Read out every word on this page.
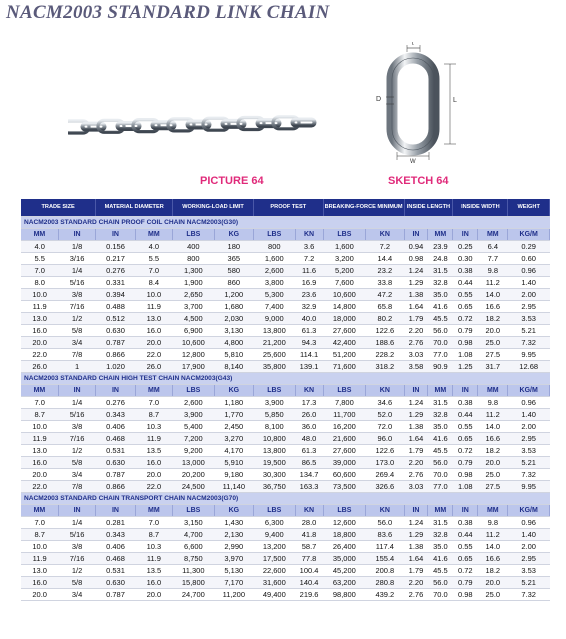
NACM2003 STANDARD LINK CHAIN
t
D	L
W
PICTURE 64	SKETCH 64
TRADE SIZE		MATERIAL DIAMETER		WORKING-LOAD LIMIT		PROOF TEST		BREAKING-FORCE MINIMUM		INSIDE LENGTH		INSIDE WIDTH		WEIGHT
NACM2003 STANDARD CHAIN PROOF COIL CHAIN NACM2003(G30)														
MM	IN	IN	MM	LBS	KG	LBS	KN	LBS	KN	IN	MM	IN	MM	KG/M
4.0	1/8	0.156	4.0	400	180	800	3.6	1,600	7.2	0.94	23.9	0.25	6.4	0.29
5.5	3/16	0.217	5.5	800	365	1,600	7.2	3,200	14.4	0.98	24.8	0.30	7.7	0.60
7.0	1/4	0.276	7.0	1,300	580	2,600	11.6	5,200	23.2	1.24	31.5	0.38	9.8	0.96
8.0	5/16	0.331	8.4	1,900	860	3,800	16.9	7,600	33.8	1.29	32.8	0.44	11.2	1.40
10.0	3/8	0.394	10.0	2,650	1,200	5,300	23.6	10,600	47.2	1.38	35.0	0.55	14.0	2.00
11.9	7/16	0.488	11.9	3,700	1,680	7,400	32.9	14,800	65.8	1.64	41.6	0.65	16.6	2.95
13.0	1/2	0.512	13.0	4,500	2,030	9,000	40.0	18,000	80.2	1.79	45.5	0.72	18.2	3.53
16.0	5/8	0.630	16.0	6,900	3,130	13,800	61.3	27,600	122.6	2.20	56.0	0.79	20.0	5.21
20.0	3/4	0.787	20.0	10,600	4,800	21,200	94.3	42,400	188.6	2.76	70.0	0.98	25.0	7.32
22.0	7/8	0.866	22.0	12,800	5,810	25,600	114.1	51,200	228.2	3.03	77.0	1.08	27.5	9.95
26.0	1	1.020	26.0	17,900	8,140	35,800	139.1	71,600	318.2	3.58	90.9	1.25	31.7	12.68
NACM2003 STANDARD CHAIN HIGH TEST CHAIN NACM2003(G43)														
MM	IN	IN	MM	LBS	KG	LBS	KN	LBS	KN	IN	MM	IN	MM	KG/M
7.0	1/4	0.276	7.0	2,600	1,180	3,900	17.3	7,800	34.6	1.24	31.5	0.38	9.8	0.96
8.7	5/16	0.343	8.7	3,900	1,770	5,850	26.0	11,700	52.0	1.29	32.8	0.44	11.2	1.40
10.0	3/8	0.406	10.3	5,400	2,450	8,100	36.0	16,200	72.0	1.38	35.0	0.55	14.0	2.00
11.9	7/16	0.468	11.9	7,200	3,270	10,800	48.0	21,600	96.0	1.64	41.6	0.65	16.6	2.95
13.0	1/2	0.531	13.5	9,200	4,170	13,800	61.3	27,600	122.6	1.79	45.5	0.72	18.2	3.53
16.0	5/8	0.630	16.0	13,000	5,910	19,500	86.5	39,000	173.0	2.20	56.0	0.79	20.0	5.21
20.0	3/4	0.787	20.0	20,200	9,180	30,300	134.7	60,600	269.4	2.76	70.0	0.98	25.0	7.32
22.0	7/8	0.866	22.0	24,500	11,140	36,750	163.3	73,500	326.6	3.03	77.0	1.08	27.5	9.95
NACM2003 STANDARD CHAIN TRANSPORT CHAIN NACM2003(G70)														
MM	IN	IN	MM	LBS	KG	LBS	KN	LBS	KN	IN	MM	IN	MM	KG/M
7.0	1/4	0.281	7.0	3,150	1,430	6,300	28.0	12,600	56.0	1.24	31.5	0.38	9.8	0.96
8.7	5/16	0.343	8.7	4,700	2,130	9,400	41.8	18,800	83.6	1.29	32.8	0.44	11.2	1.40
10.0	3/8	0.406	10.3	6,600	2,990	13,200	58.7	26,400	117.4	1.38	35.0	0.55	14.0	2.00
11.9	7/16	0.468	11.9	8,750	3,970	17,500	77.8	35,000	155.4	1.64	41.6	0.65	16.6	2.95
13.0	1/2	0.531	13.5	11,300	5,130	22,600	100.4	45,200	200.8	1.79	45.5	0.72	18.2	3.53
16.0	5/8	0.630	16.0	15,800	7,170	31,600	140.4	63,200	280.8	2.20	56.0	0.79	20.0	5.21
20.0	3/4	0.787	20.0	24,700	11,200	49,400	219.6	98,800	439.2	2.76	70.0	0.98	25.0	7.32
